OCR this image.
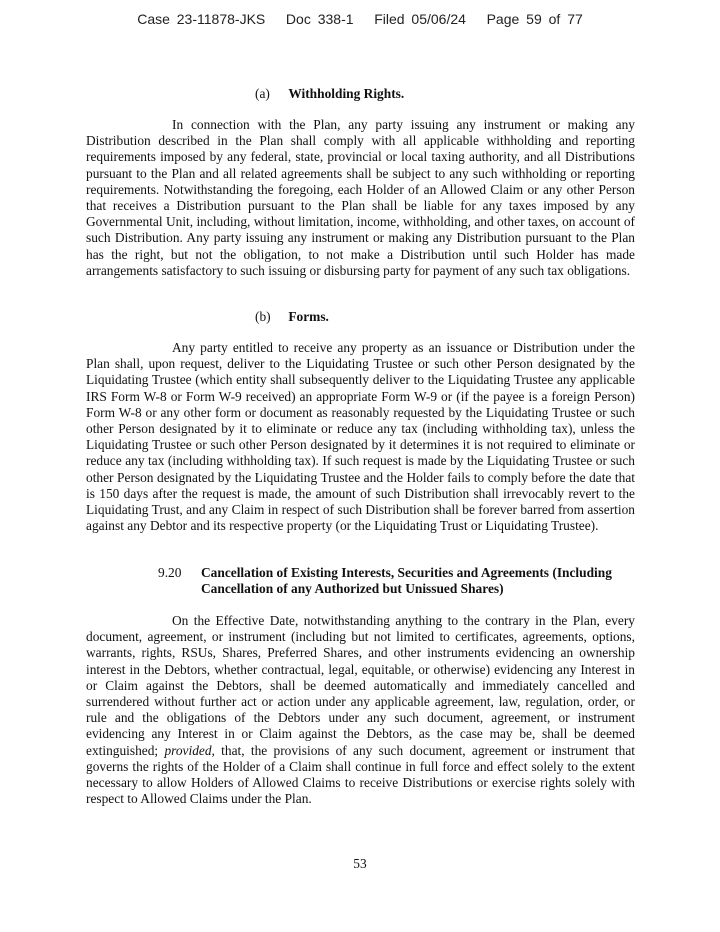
Case 23-11878-JKS Doc 338-1 Filed 05/06/24 Page 59 of 77
(a) Withholding Rights.

In connection with the Plan, any party issuing any instrument or making any Distribution described in the Plan shall comply with all applicable withholding and reporting requirements imposed by any federal, state, provincial or local taxing authority, and all Distributions pursuant to the Plan and all related agreements shall be subject to any such withholding or reporting requirements. Notwithstanding the foregoing, each Holder of an Allowed Claim or any other Person that receives a Distribution pursuant to the Plan shall be liable for any taxes imposed by any Governmental Unit, including, without limitation, income, withholding, and other taxes, on account of such Distribution. Any party issuing any instrument or making any Distribution pursuant to the Plan has the right, but not the obligation, to not make a Distribution until such Holder has made arrangements satisfactory to such issuing or disbursing party for payment of any such tax obligations.

(b) Forms.

Any party entitled to receive any property as an issuance or Distribution under the Plan shall, upon request, deliver to the Liquidating Trustee or such other Person designated by the Liquidating Trustee (which entity shall subsequently deliver to the Liquidating Trustee any applicable IRS Form W-8 or Form W-9 received) an appropriate Form W-9 or (if the payee is a foreign Person) Form W-8 or any other form or document as reasonably requested by the Liquidating Trustee or such other Person designated by it to eliminate or reduce any tax (including withholding tax), unless the Liquidating Trustee or such other Person designated by it determines it is not required to eliminate or reduce any tax (including withholding tax). If such request is made by the Liquidating Trustee or such other Person designated by the Liquidating Trustee and the Holder fails to comply before the date that is 150 days after the request is made, the amount of such Distribution shall irrevocably revert to the Liquidating Trust, and any Claim in respect of such Distribution shall be forever barred from assertion against any Debtor and its respective property (or the Liquidating Trust or Liquidating Trustee).

9.20 Cancellation of Existing Interests, Securities and Agreements (Including Cancellation of any Authorized but Unissued Shares)

On the Effective Date, notwithstanding anything to the contrary in the Plan, every document, agreement, or instrument (including but not limited to certificates, agreements, options, warrants, rights, RSUs, Shares, Preferred Shares, and other instruments evidencing an ownership interest in the Debtors, whether contractual, legal, equitable, or otherwise) evidencing any Interest in or Claim against the Debtors, shall be deemed automatically and immediately cancelled and surrendered without further act or action under any applicable agreement, law, regulation, order, or rule and the obligations of the Debtors under any such document, agreement, or instrument evidencing any Interest in or Claim against the Debtors, as the case may be, shall be deemed extinguished; provided, that, the provisions of any such document, agreement or instrument that governs the rights of the Holder of a Claim shall continue in full force and effect solely to the extent necessary to allow Holders of Allowed Claims to receive Distributions or exercise rights solely with respect to Allowed Claims under the Plan.

53
